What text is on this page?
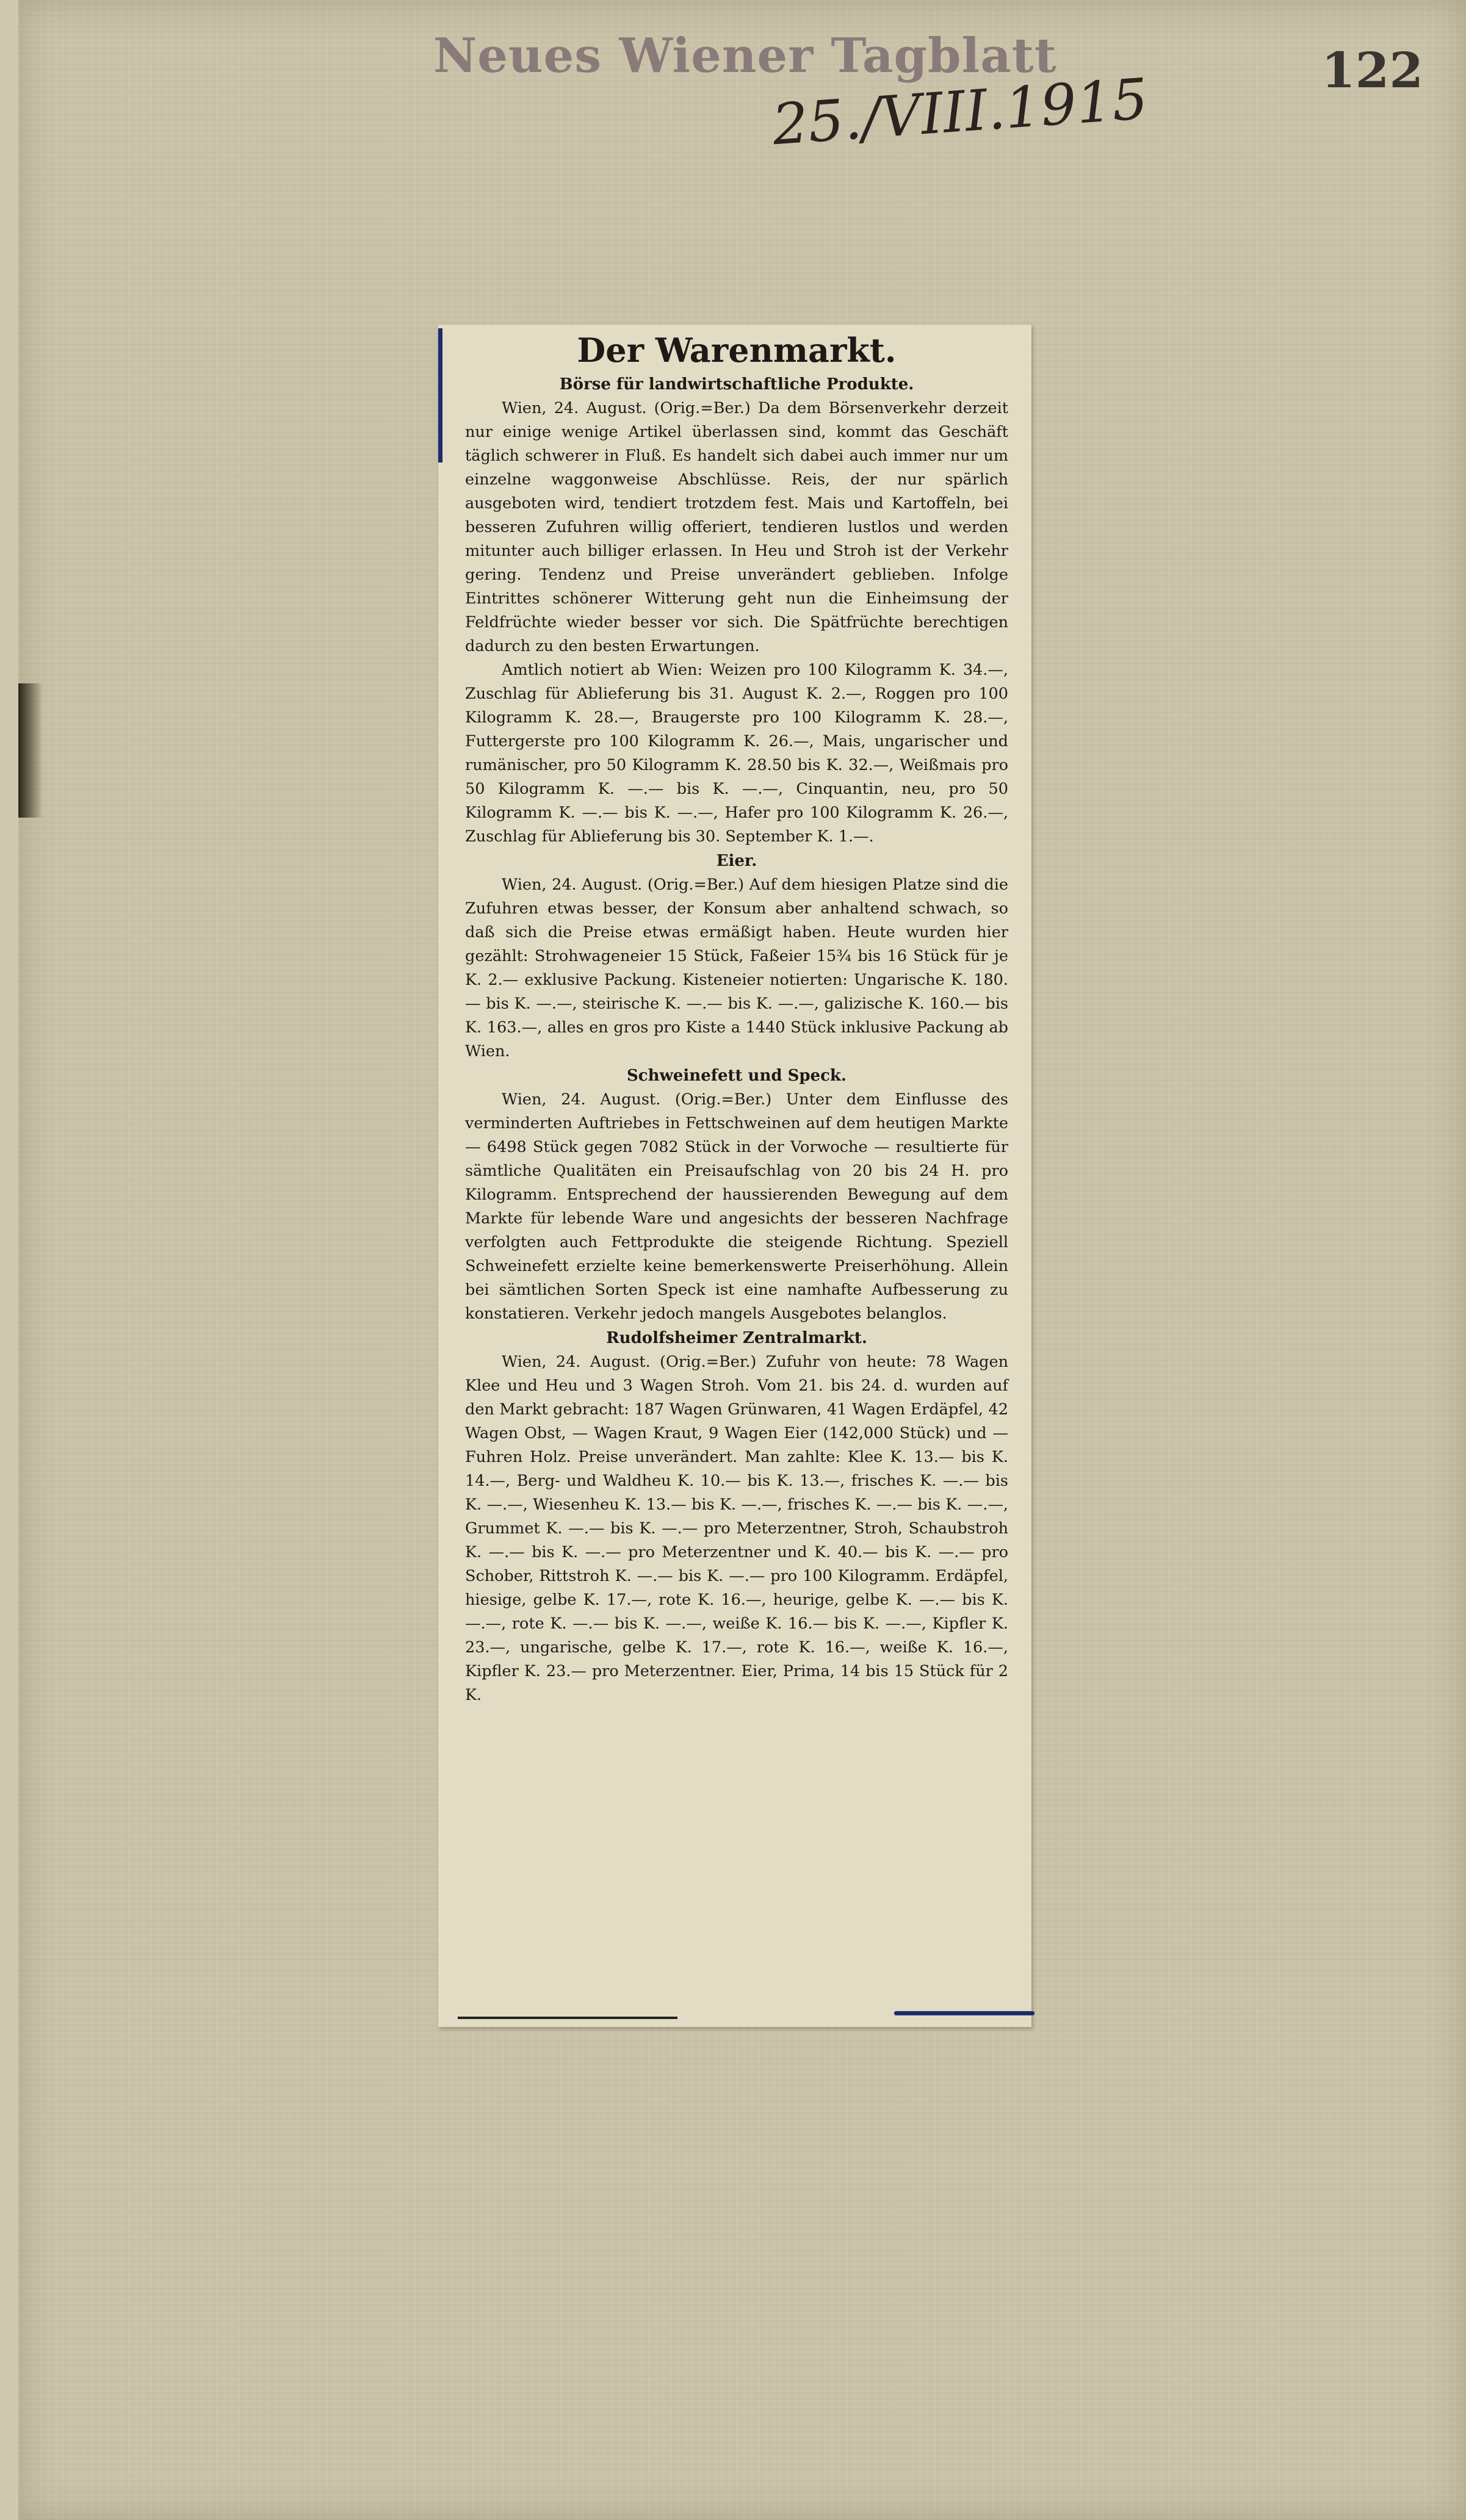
Neues Wiener Tagblatt
25./VIII.1915	122
Der Warenmarkt.
Börse für landwirtschaftliche Produkte.

Wien, 24. August. (Orig.=Ber.) Da dem Börsenverkehr derzeit nur einige wenige Artikel überlassen sind, kommt das Geschäft täglich schwerer in Fluß. Es handelt sich dabei auch immer nur um einzelne waggonweise Abschlüsse. Reis, der nur spärlich ausgeboten wird, tendiert trotzdem fest. Mais und Kartoffeln, bei besseren Zufuhren willig offeriert, tendieren lustlos und werden mitunter auch billiger erlassen. In Heu und Stroh ist der Verkehr gering. Tendenz und Preise unverändert geblieben. Infolge Eintrittes schönerer Witterung geht nun die Einheimsung der Feldfrüchte wieder besser vor sich. Die Spätfrüchte berechtigen dadurch zu den besten Erwartungen.

Amtlich notiert ab Wien: Weizen pro 100 Kilogramm K. 34.—, Zuschlag für Ablieferung bis 31. August K. 2.—, Roggen pro 100 Kilogramm K. 28.—, Braugerste pro 100 Kilogramm K. 28.—, Futtergerste pro 100 Kilogramm K. 26.—, Mais, ungarischer und rumänischer, pro 50 Kilogramm K. 28.50 bis K. 32.—, Weißmais pro 50 Kilogramm K. —.— bis K. —.—, Cinquantin, neu, pro 50 Kilogramm K. —.— bis K. —.—, Hafer pro 100 Kilogramm K. 26.—, Zuschlag für Ablieferung bis 30. September K. 1.—.

Eier.

Wien, 24. August. (Orig.=Ber.) Auf dem hiesigen Platze sind die Zufuhren etwas besser, der Konsum aber anhaltend schwach, so daß sich die Preise etwas ermäßigt haben. Heute wurden hier gezählt: Strohwageneier 15 Stück, Faßeier 15¾ bis 16 Stück für je K. 2.— exklusive Packung. Kisteneier notierten: Ungarische K. 180.— bis K. —.—, steirische K. —.— bis K. —.—, galizische K. 160.— bis K. 163.—, alles en gros pro Kiste a 1440 Stück inklusive Packung ab Wien.

Schweinefett und Speck.

Wien, 24. August. (Orig.=Ber.) Unter dem Einflusse des verminderten Auftriebes in Fettschweinen auf dem heutigen Markte — 6498 Stück gegen 7082 Stück in der Vorwoche — resultierte für sämtliche Qualitäten ein Preisaufschlag von 20 bis 24 H. pro Kilogramm. Entsprechend der haussierenden Bewegung auf dem Markte für lebende Ware und angesichts der besseren Nachfrage verfolgten auch Fettprodukte die steigende Richtung. Speziell Schweinefett erzielte keine bemerkenswerte Preiserhöhung. Allein bei sämtlichen Sorten Speck ist eine namhafte Aufbesserung zu konstatieren. Verkehr jedoch mangels Ausgebotes belanglos.

Rudolfsheimer Zentralmarkt.

Wien, 24. August. (Orig.=Ber.) Zufuhr von heute: 78 Wagen Klee und Heu und 3 Wagen Stroh. Vom 21. bis 24. d. wurden auf den Markt gebracht: 187 Wagen Grünwaren, 41 Wagen Erdäpfel, 42 Wagen Obst, — Wagen Kraut, 9 Wagen Eier (142,000 Stück) und — Fuhren Holz. Preise unverändert. Man zahlte: Klee K. 13.— bis K. 14.—, Berg- und Waldheu K. 10.— bis K. 13.—, frisches K. —.— bis K. —.—, Wiesenheu K. 13.— bis K. —.—, frisches K. —.— bis K. —.—, Grummet K. —.— bis K. —.— pro Meterzentner, Stroh, Schaubstroh K. —.— bis K. —.— pro Meterzentner und K. 40.— bis K. —.— pro Schober, Rittstroh K. —.— bis K. —.— pro 100 Kilogramm. Erdäpfel, hiesige, gelbe K. 17.—, rote K. 16.—, heurige, gelbe K. —.— bis K. —.—, rote K. —.— bis K. —.—, weiße K. 16.— bis K. —.—, Kipfler K. 23.—, ungarische, gelbe K. 17.—, rote K. 16.—, weiße K. 16.—, Kipfler K. 23.— pro Meterzentner. Eier, Prima, 14 bis 15 Stück für 2 K.
